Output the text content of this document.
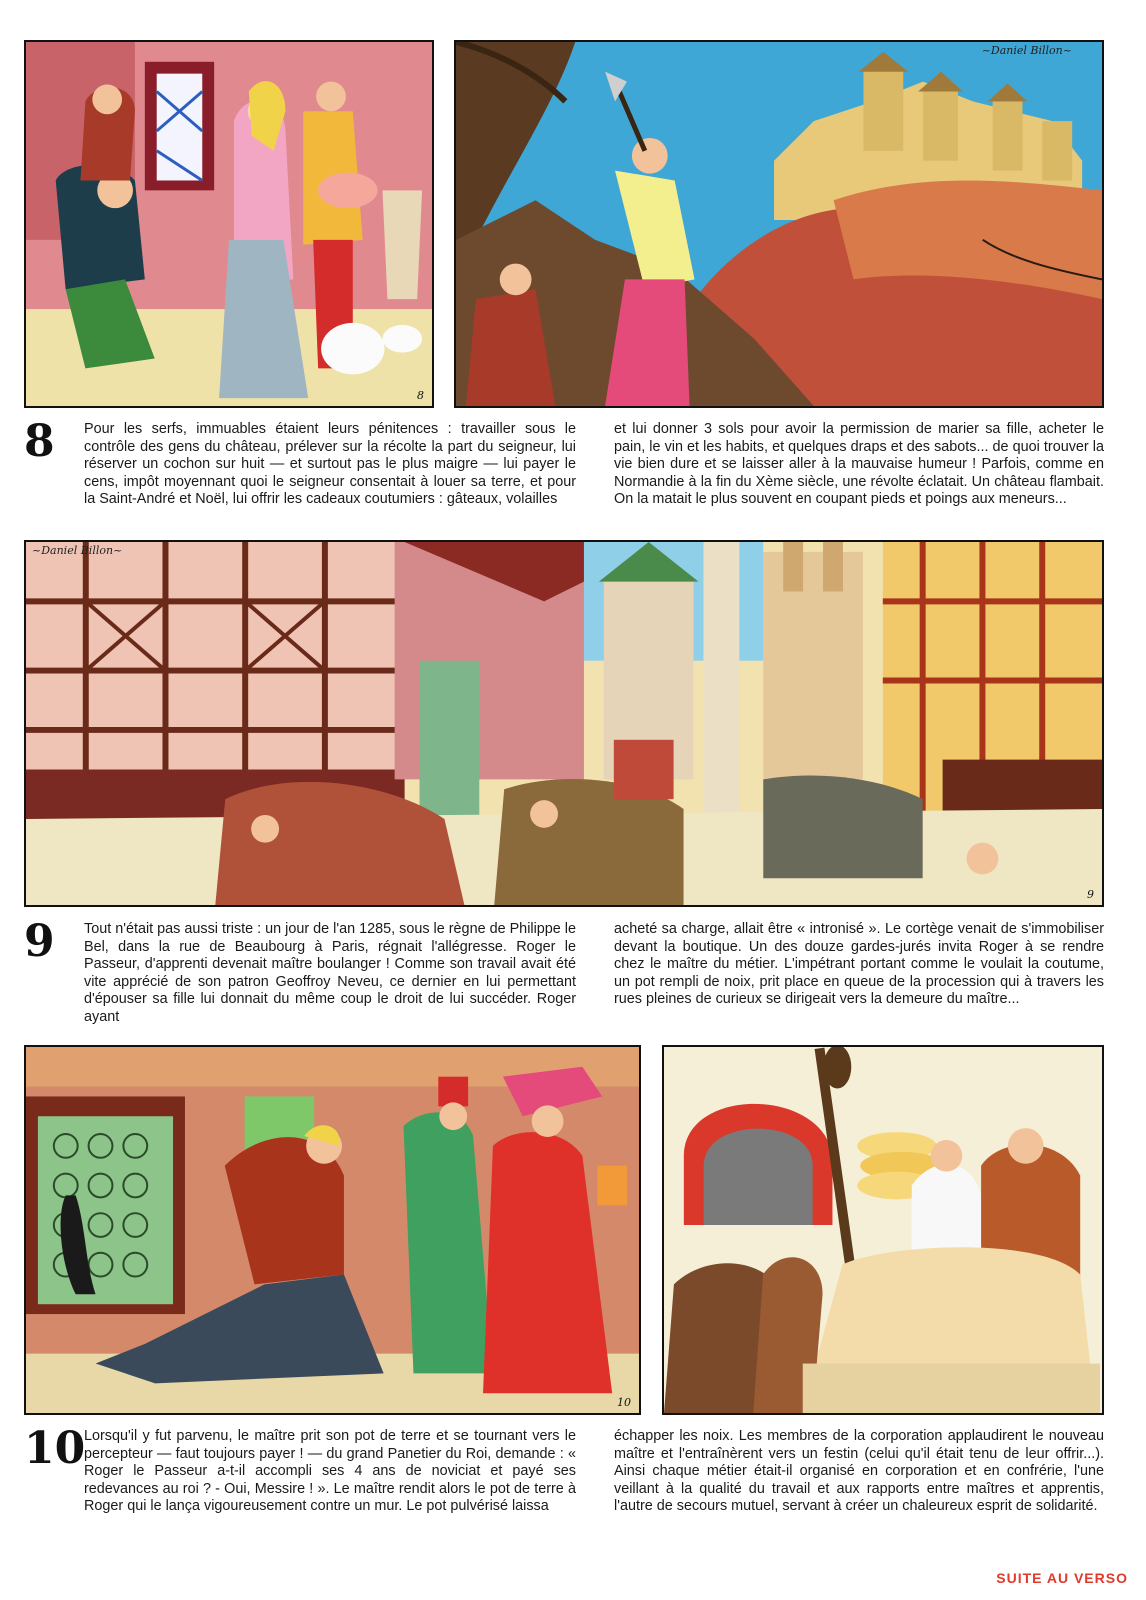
8
~Daniel Billon~
8 Pour les serfs, immuables étaient leurs pénitences : travailler sous le contrôle des gens du château, prélever sur la récolte la part du seigneur, lui réserver un cochon sur huit — et surtout pas le plus maigre — lui payer le cens, impôt moyennant quoi le seigneur consentait à louer sa terre, et pour la Saint-André et Noël, lui offrir les cadeaux coutumiers : gâteaux, volailles

et lui donner 3 sols pour avoir la permission de marier sa fille, acheter le pain, le vin et les habits, et quelques draps et des sabots... de quoi trouver la vie bien dure et se laisser aller à la mauvaise humeur ! Parfois, comme en Normandie à la fin du Xème siècle, une révolte éclatait. Un château flambait. On la matait le plus souvent en coupant pieds et poings aux meneurs...

~Daniel Billon~
9
9 Tout n'était pas aussi triste : un jour de l'an 1285, sous le règne de Philippe le Bel, dans la rue de Beaubourg à Paris, régnait l'allégresse. Roger le Passeur, d'apprenti devenait maître boulanger ! Comme son travail avait été vite apprécié de son patron Geoffroy Neveu, ce dernier en lui permettant d'épouser sa fille lui donnait du même coup le droit de lui succéder. Roger ayant

acheté sa charge, allait être « intronisé ». Le cortège venait de s'immobiliser devant la boutique. Un des douze gardes-jurés invita Roger à se rendre chez le maître du métier. L'impétrant portant comme le voulait la coutume, un pot rempli de noix, prit place en queue de la procession qui à travers les rues pleines de curieux se dirigeait vers la demeure du maître...

10
10

Lorsqu'il y fut parvenu, le maître prit son pot de terre et se tournant vers le percepteur — faut toujours payer ! — du grand Panetier du Roi, demande : « Roger le Passeur a-t-il accompli ses 4 ans de noviciat et payé ses redevances au roi ? - Oui, Messire ! ». Le maître rendit alors le pot de terre à Roger qui le lança vigoureusement contre un mur. Le pot pulvérisé laissa

échapper les noix. Les membres de la corporation applaudirent le nouveau maître et l'entraînèrent vers un festin (celui qu'il était tenu de leur offrir...). Ainsi chaque métier était-il organisé en corporation et en confrérie, l'une veillant à la qualité du travail et aux rapports entre maîtres et apprentis, l'autre de secours mutuel, servant à créer un chaleureux esprit de solidarité.

SUITE AU VERSO
